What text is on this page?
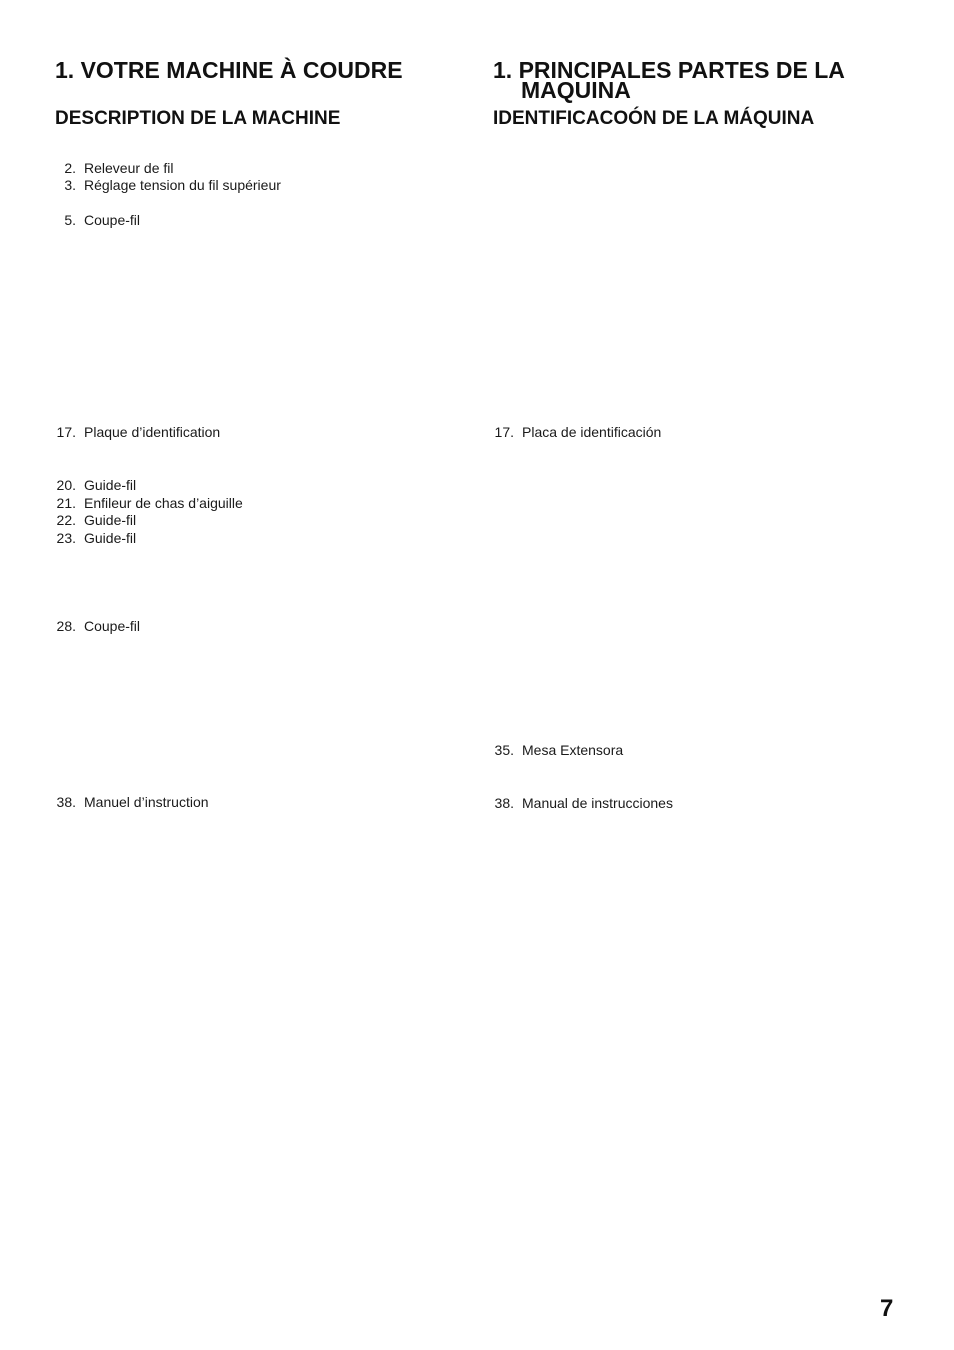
1. VOTRE MACHINE À COUDRE
DESCRIPTION DE LA MACHINE
2. Releveur de fil
3. Réglage tension du fil supérieur
5. Coupe-fil
17. Plaque d’identification
20. Guide-fil
21. Enfileur de chas d’aiguille
22. Guide-fil
23. Guide-fil
28. Coupe-fil
38. Manuel d’instruction
1. PRINCIPALES PARTES DE LA MAQUINA
IDENTIFICACOÓN DE LA MÁQUINA
17. Placa de identificación
35. Mesa Extensora
38. Manual de instrucciones
7
